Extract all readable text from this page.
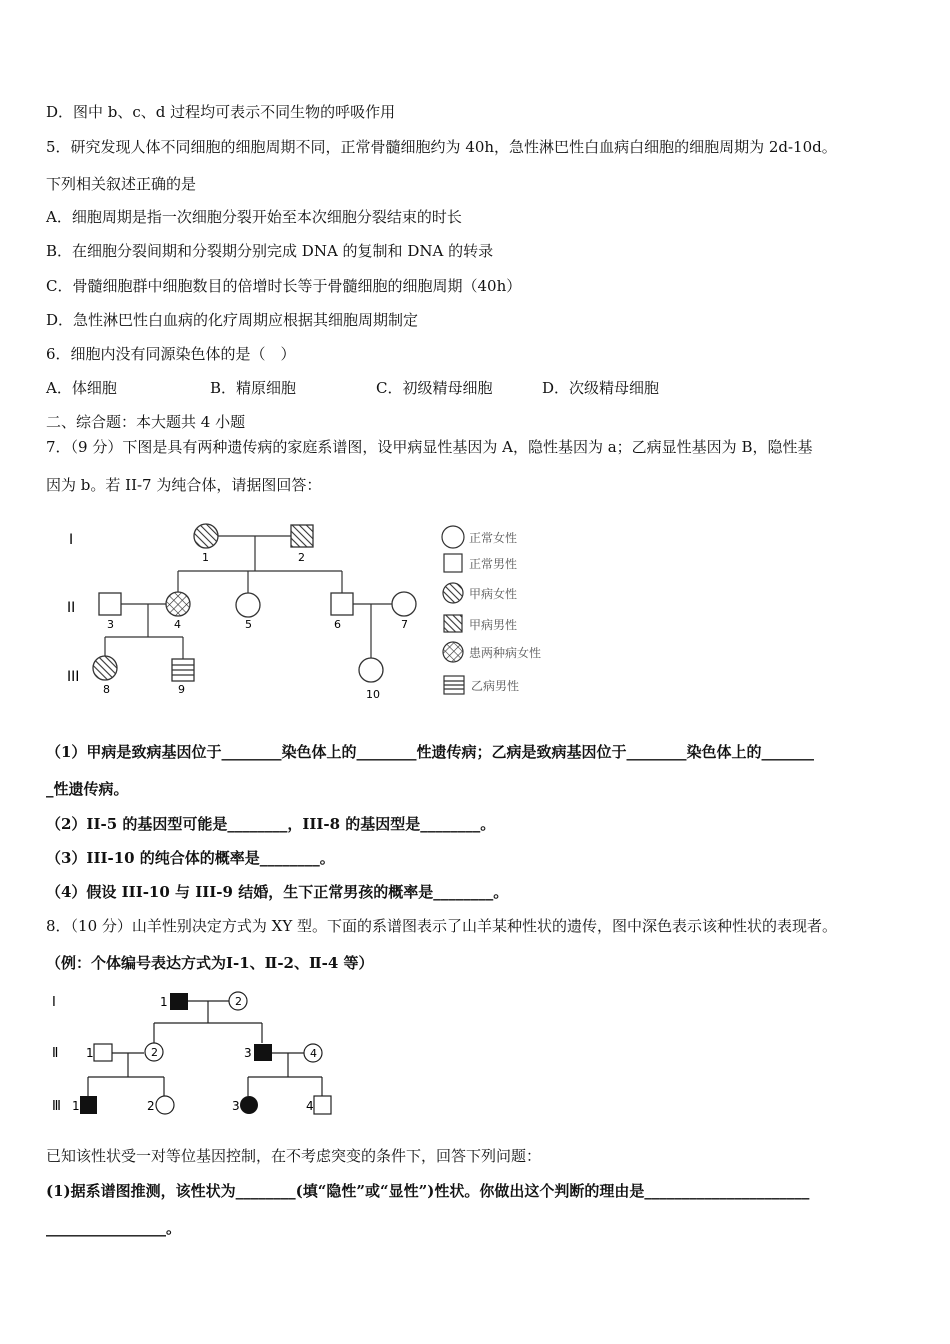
D．图中 b、c、d 过程均可表示不同生物的呼吸作用
5．研究发现人体不同细胞的细胞周期不同，正常骨髓细胞约为 40h，急性淋巴性白血病白细胞的细胞周期为 2d-10d。
下列相关叙述正确的是
A．细胞周期是指一次细胞分裂开始至本次细胞分裂结束的时长
B．在细胞分裂间期和分裂期分别完成 DNA 的复制和 DNA 的转录
C．骨髓细胞群中细胞数目的倍增时长等于骨髓细胞的细胞周期（40h）
D．急性淋巴性白血病的化疗周期应根据其细胞周期制定
6．细胞内没有同源染色体的是（　）
A．体细胞	B．精原细胞	C．初级精母细胞	D．次级精母细胞
二、综合题：本大题共 4 小题
7．（9 分）下图是具有两种遗传病的家庭系谱图，设甲病显性基因为 A，隐性基因为 a；乙病显性基因为 B，隐性基
因为 b。若 II-7 为纯合体，请据图回答：
I
II
III
1	2
3	4	5	6	7
8	9	10
正常女性
正常男性
甲病女性
甲病男性
患两种病女性
乙病男性
（1）甲病是致病基因位于________染色体上的________性遗传病；乙病是致病基因位于________染色体上的_______
_性遗传病。
（2）II-5 的基因型可能是________，III-8 的基因型是________。
（3）III-10 的纯合体的概率是________。
（4）假设 III-10 与 III-9 结婚，生下正常男孩的概率是________。
8．（10 分）山羊性别决定方式为 XY 型。下面的系谱图表示了山羊某种性状的遗传，图中深色表示该种性状的表现者。
（例：个体编号表达方式为Ⅰ-1、Ⅱ-2、Ⅱ-4 等）
Ⅰ
Ⅱ
Ⅲ
1	2
1	2	3	4
1	2	3	4
已知该性状受一对等位基因控制，在不考虑突变的条件下，回答下列问题：
(1)据系谱图推测，该性状为________(填“隐性”或“显性”)性状。你做出这个判断的理由是______________________
________________。
